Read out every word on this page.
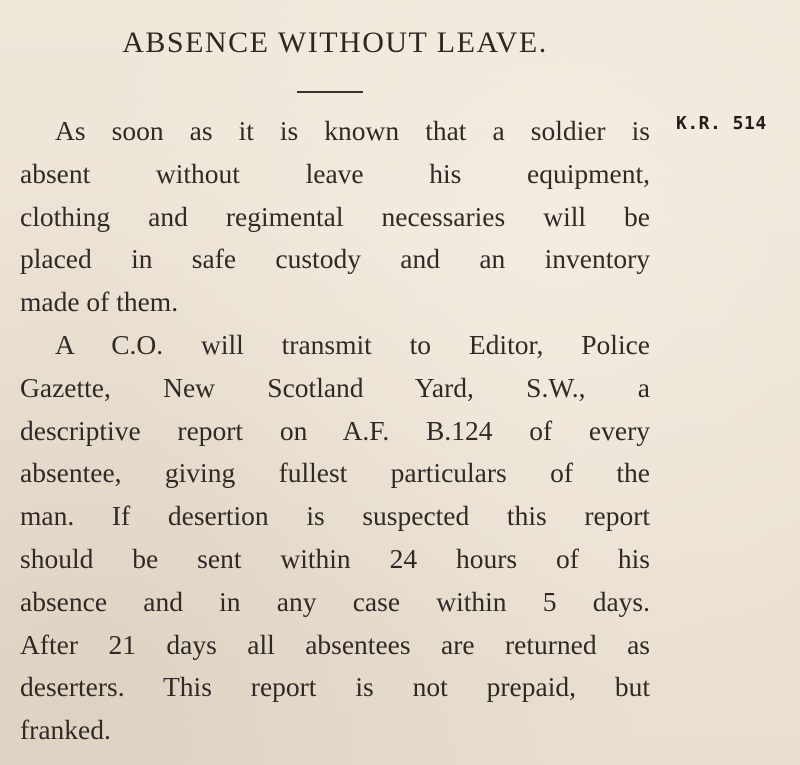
ABSENCE WITHOUT LEAVE.
K.R. 514
As soon as it is known that a soldier is
absent without leave his equipment,
clothing and regimental necessaries will be
placed in safe custody and an inventory
made of them.
A C.O. will transmit to Editor, Police
Gazette, New Scotland Yard, S.W., a
descriptive report on A.F. B.124 of every
absentee, giving fullest particulars of the
man. If desertion is suspected this report
should be sent within 24 hours of his
absence and in any case within 5 days.
After 21 days all absentees are returned as
deserters. This report is not prepaid, but
franked.
